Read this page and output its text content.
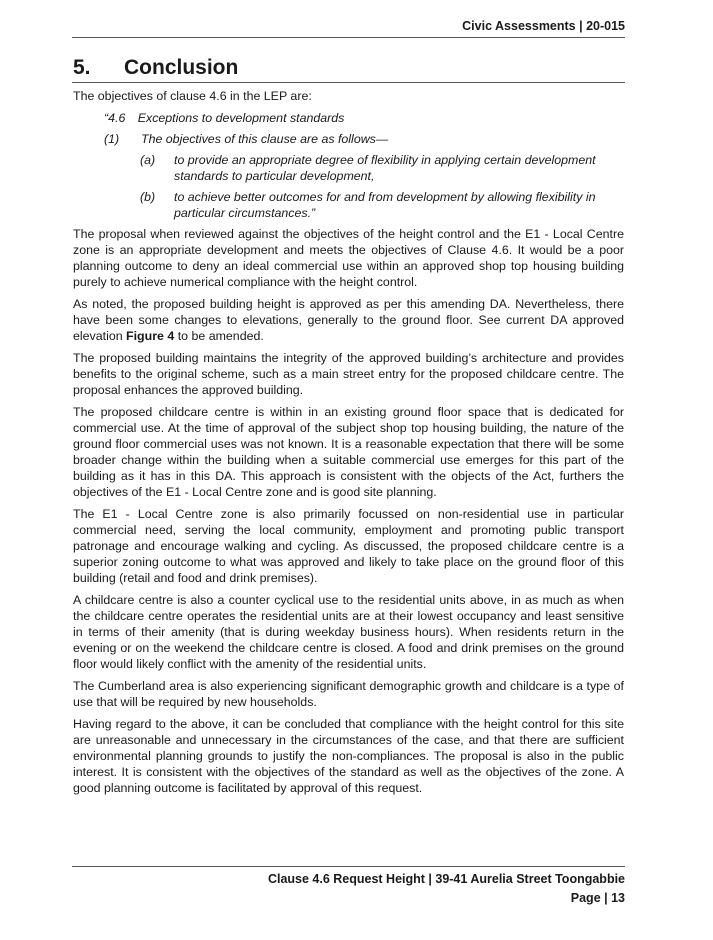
Civic Assessments | 20-015
5. Conclusion

The objectives of clause 4.6 in the LEP are:

“4.6 Exceptions to development standards
(1)	The objectives of this clause are as follows—
(a)	to provide an appropriate degree of flexibility in applying certain development standards to particular development,
(b)	to achieve better outcomes for and from development by allowing flexibility in particular circumstances.”

The proposal when reviewed against the objectives of the height control and the E1 - Local Centre zone is an appropriate development and meets the objectives of Clause 4.6. It would be a poor planning outcome to deny an ideal commercial use within an approved shop top housing building purely to achieve numerical compliance with the height control.

As noted, the proposed building height is approved as per this amending DA. Nevertheless, there have been some changes to elevations, generally to the ground floor. See current DA approved elevation Figure 4 to be amended.

The proposed building maintains the integrity of the approved building’s architecture and provides benefits to the original scheme, such as a main street entry for the proposed childcare centre. The proposal enhances the approved building.

The proposed childcare centre is within in an existing ground floor space that is dedicated for commercial use. At the time of approval of the subject shop top housing building, the nature of the ground floor commercial uses was not known. It is a reasonable expectation that there will be some broader change within the building when a suitable commercial use emerges for this part of the building as it has in this DA. This approach is consistent with the objects of the Act, furthers the objectives of the E1 - Local Centre zone and is good site planning.

The E1 - Local Centre zone is also primarily focussed on non-residential use in particular commercial need, serving the local community, employment and promoting public transport patronage and encourage walking and cycling. As discussed, the proposed childcare centre is a superior zoning outcome to what was approved and likely to take place on the ground floor of this building (retail and food and drink premises).

A childcare centre is also a counter cyclical use to the residential units above, in as much as when the childcare centre operates the residential units are at their lowest occupancy and least sensitive in terms of their amenity (that is during weekday business hours). When residents return in the evening or on the weekend the childcare centre is closed. A food and drink premises on the ground floor would likely conflict with the amenity of the residential units.

The Cumberland area is also experiencing significant demographic growth and childcare is a type of use that will be required by new households.

Having regard to the above, it can be concluded that compliance with the height control for this site are unreasonable and unnecessary in the circumstances of the case, and that there are sufficient environmental planning grounds to justify the non-compliances. The proposal is also in the public interest. It is consistent with the objectives of the standard as well as the objectives of the zone. A good planning outcome is facilitated by approval of this request.

Clause 4.6 Request Height | 39-41 Aurelia Street Toongabbie
Page | 13
